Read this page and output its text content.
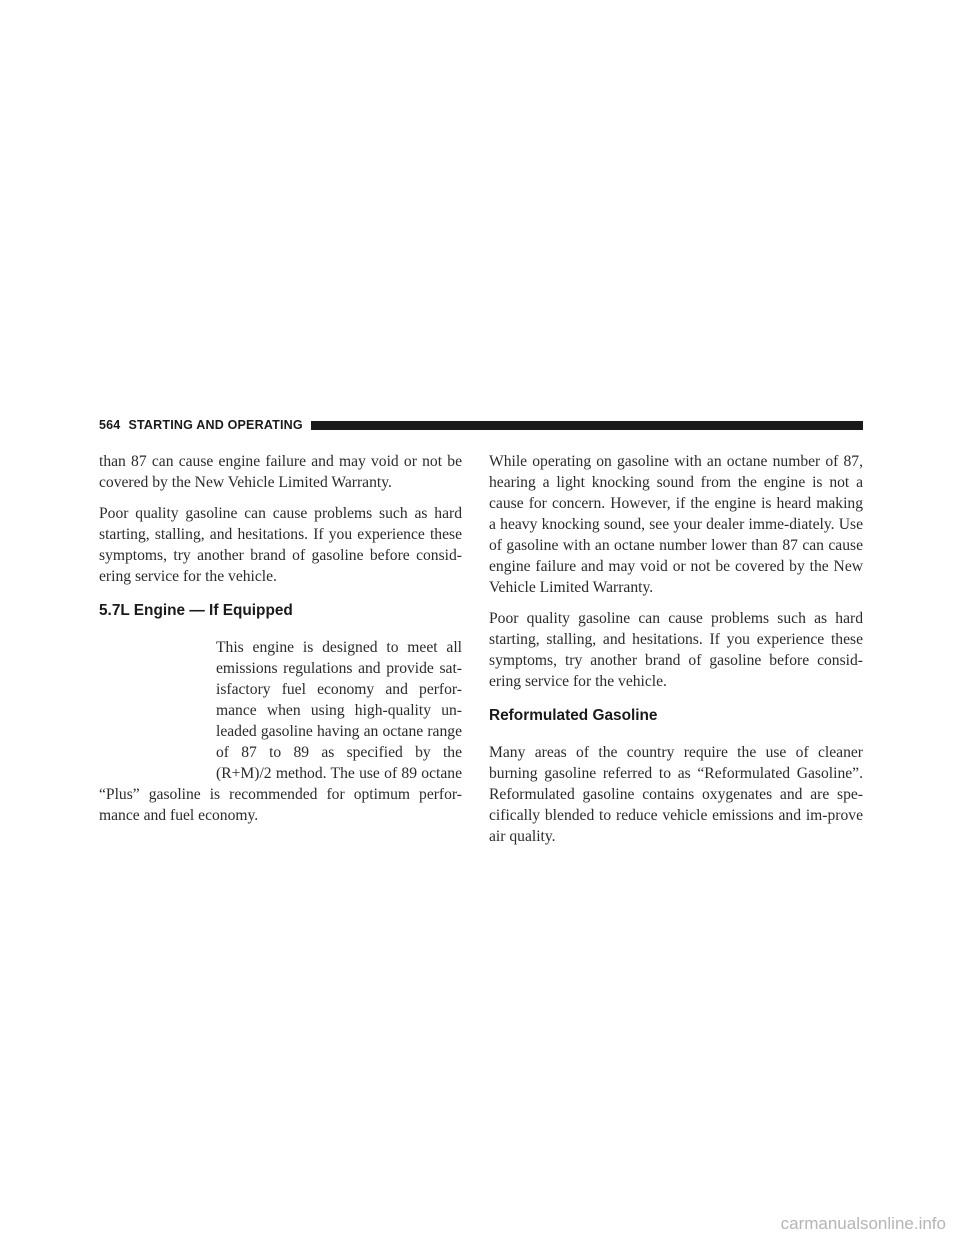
564 STARTING AND OPERATING

than 87 can cause engine failure and may void or not be covered by the New Vehicle Limited Warranty.

Poor quality gasoline can cause problems such as hard starting, stalling, and hesitations. If you experience these symptoms, try another brand of gasoline before consid-ering service for the vehicle.

5.7L Engine — If Equipped

This engine is designed to meet all emissions regulations and provide sat-isfactory fuel economy and perfor-mance when using high-quality un-leaded gasoline having an octane range of 87 to 89 as specified by the (R+M)/2 method. The use of 89 octane “Plus” gasoline is recommended for optimum perfor-mance and fuel economy.

While operating on gasoline with an octane number of 87, hearing a light knocking sound from the engine is not a cause for concern. However, if the engine is heard making a heavy knocking sound, see your dealer imme-diately. Use of gasoline with an octane number lower than 87 can cause engine failure and may void or not be covered by the New Vehicle Limited Warranty.

Poor quality gasoline can cause problems such as hard starting, stalling, and hesitations. If you experience these symptoms, try another brand of gasoline before consid-ering service for the vehicle.

Reformulated Gasoline

Many areas of the country require the use of cleaner burning gasoline referred to as “Reformulated Gasoline”. Reformulated gasoline contains oxygenates and are spe-cifically blended to reduce vehicle emissions and im-prove air quality.

carmanualsonline.info
